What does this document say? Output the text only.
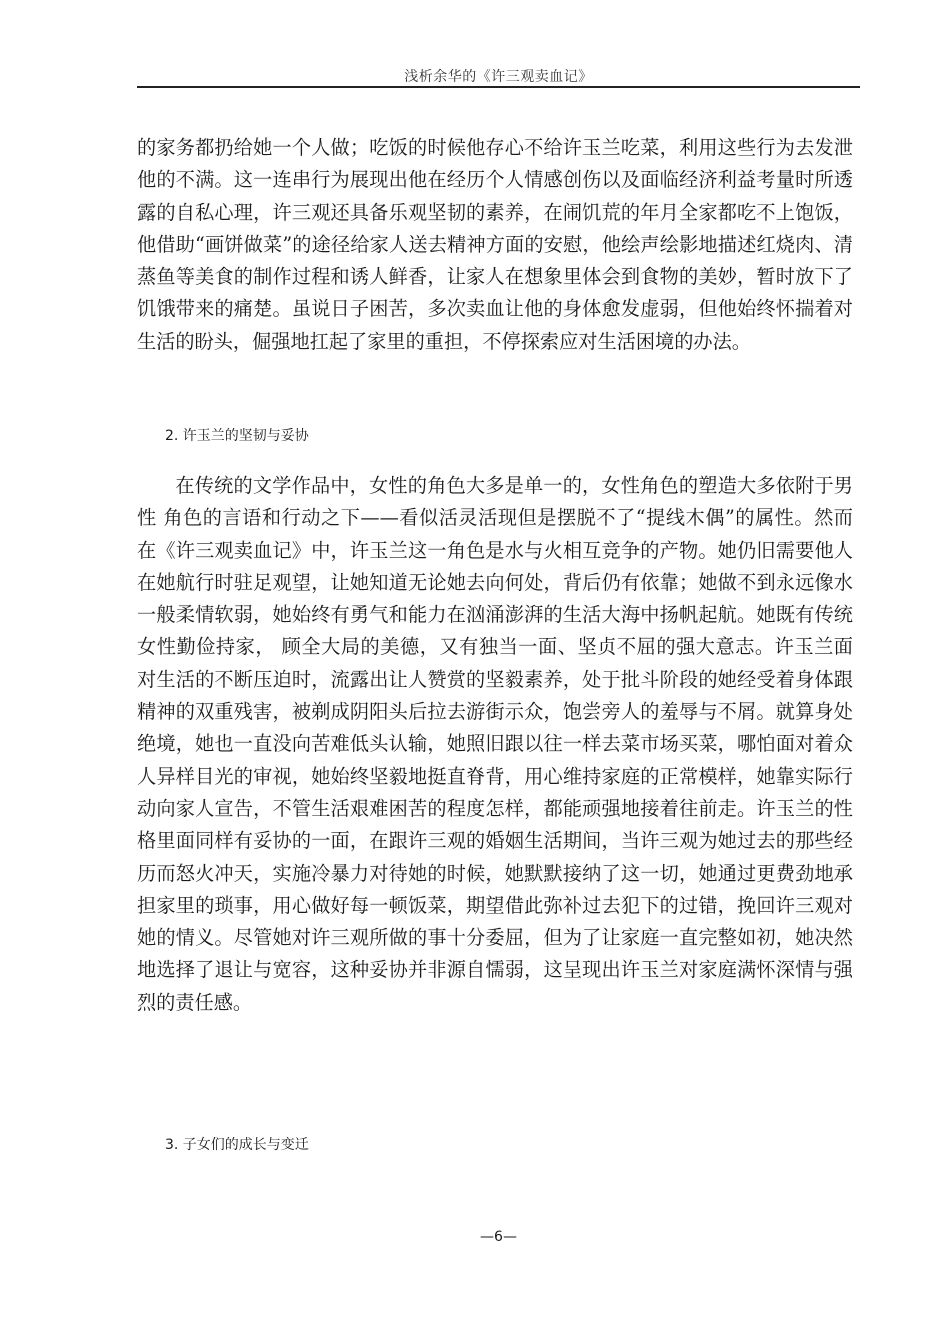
浅析余华的《许三观卖血记》

的家务都扔给她一个人做；吃饭的时候他存心不给许玉兰吃菜，利用这些行为去发泄他的不满。这一连串行为展现出他在经历个人情感创伤以及面临经济利益考量时所透露的自私心理，许三观还具备乐观坚韧的素养，在闹饥荒的年月全家都吃不上饱饭，他借助“画饼做菜”的途径给家人送去精神方面的安慰，他绘声绘影地描述红烧肉、清蒸鱼等美食的制作过程和诱人鲜香，让家人在想象里体会到食物的美妙，暂时放下了饥饿带来的痛楚。虽说日子困苦，多次卖血让他的身体愈发虚弱，但他始终怀揣着对生活的盼头，倔强地扛起了家里的重担，不停探索应对生活困境的办法。

2. 许玉兰的坚韧与妥协

在传统的文学作品中，女性的角色大多是单一的，女性角色的塑造大多依附于男性 角色的言语和行动之下——看似活灵活现但是摆脱不了“提线木偶”的属性。然而在《许三观卖血记》中，许玉兰这一角色是水与火相互竞争的产物。她仍旧需要他人在她航行时驻足观望，让她知道无论她去向何处，背后仍有依靠；她做不到永远像水一般柔情软弱，她始终有勇气和能力在汹涌澎湃的生活大海中扬帆起航。她既有传统女性勤俭持家， 顾全大局的美德，又有独当一面、坚贞不屈的强大意志。许玉兰面对生活的不断压迫时，流露出让人赞赏的坚毅素养，处于批斗阶段的她经受着身体跟精神的双重残害，被剃成阴阳头后拉去游街示众，饱尝旁人的羞辱与不屑。就算身处绝境，她也一直没向苦难低头认输，她照旧跟以往一样去菜市场买菜，哪怕面对着众人异样目光的审视，她始终坚毅地挺直脊背，用心维持家庭的正常模样，她靠实际行动向家人宣告，不管生活艰难困苦的程度怎样，都能顽强地接着往前走。许玉兰的性格里面同样有妥协的一面，在跟许三观的婚姻生活期间，当许三观为她过去的那些经历而怒火冲天，实施冷暴力对待她的时候，她默默接纳了这一切，她通过更费劲地承担家里的琐事，用心做好每一顿饭菜，期望借此弥补过去犯下的过错，挽回许三观对她的情义。尽管她对许三观所做的事十分委屈，但为了让家庭一直完整如初，她决然地选择了退让与宽容，这种妥协并非源自懦弱，这呈现出许玉兰对家庭满怀深情与强烈的责任感。

3. 子女们的成长与变迁
—6—
